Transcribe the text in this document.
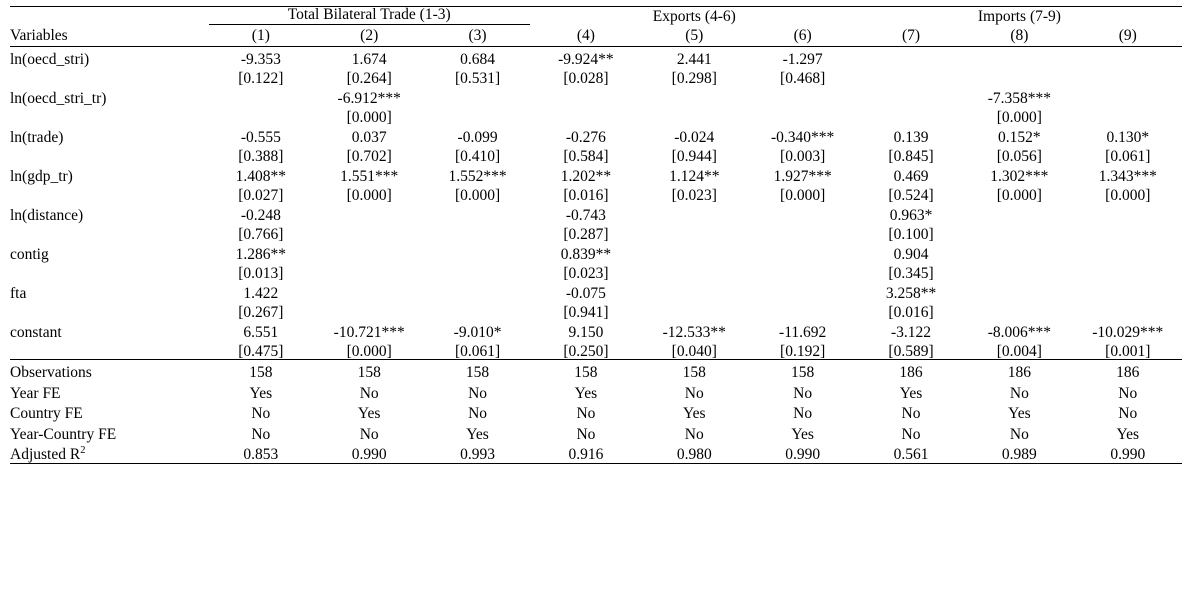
	Total Bilateral Trade (1-3)			Exports (4-6)			Imports (7-9)		

Variables	(1)	(2)	(3)	(4)	(5)	(6)	(7)	(8)	(9)
ln(oecd_stri)	-9.353	1.674	0.684	-9.924**	2.441	-1.297			
	[0.122]	[0.264]	[0.531]	[0.028]	[0.298]	[0.468]			
ln(oecd_stri_tr)		-6.912***						-7.358***	
		[0.000]						[0.000]	
ln(trade)	-0.555	0.037	-0.099	-0.276	-0.024	-0.340***	0.139	0.152*	0.130*
	[0.388]	[0.702]	[0.410]	[0.584]	[0.944]	[0.003]	[0.845]	[0.056]	[0.061]
ln(gdp_tr)	1.408**	1.551***	1.552***	1.202**	1.124**	1.927***	0.469	1.302***	1.343***
	[0.027]	[0.000]	[0.000]	[0.016]	[0.023]	[0.000]	[0.524]	[0.000]	[0.000]
ln(distance)	-0.248			-0.743			0.963*		
	[0.766]			[0.287]			[0.100]		
contig	1.286**			0.839**			0.904		
	[0.013]			[0.023]			[0.345]		
fta	1.422			-0.075			3.258**		
	[0.267]			[0.941]			[0.016]		
constant	6.551	-10.721***	-9.010*	9.150	-12.533**	-11.692	-3.122	-8.006***	-10.029***
	[0.475]	[0.000]	[0.061]	[0.250]	[0.040]	[0.192]	[0.589]	[0.004]	[0.001]
Observations	158	158	158	158	158	158	186	186	186
Year FE	Yes	No	No	Yes	No	No	Yes	No	No
Country FE	No	Yes	No	No	Yes	No	No	Yes	No
Year-Country FE	No	No	Yes	No	No	Yes	No	No	Yes
Adjusted $R^2$	0.853	0.990	0.993	0.916	0.980	0.990	0.561	0.989	0.990
